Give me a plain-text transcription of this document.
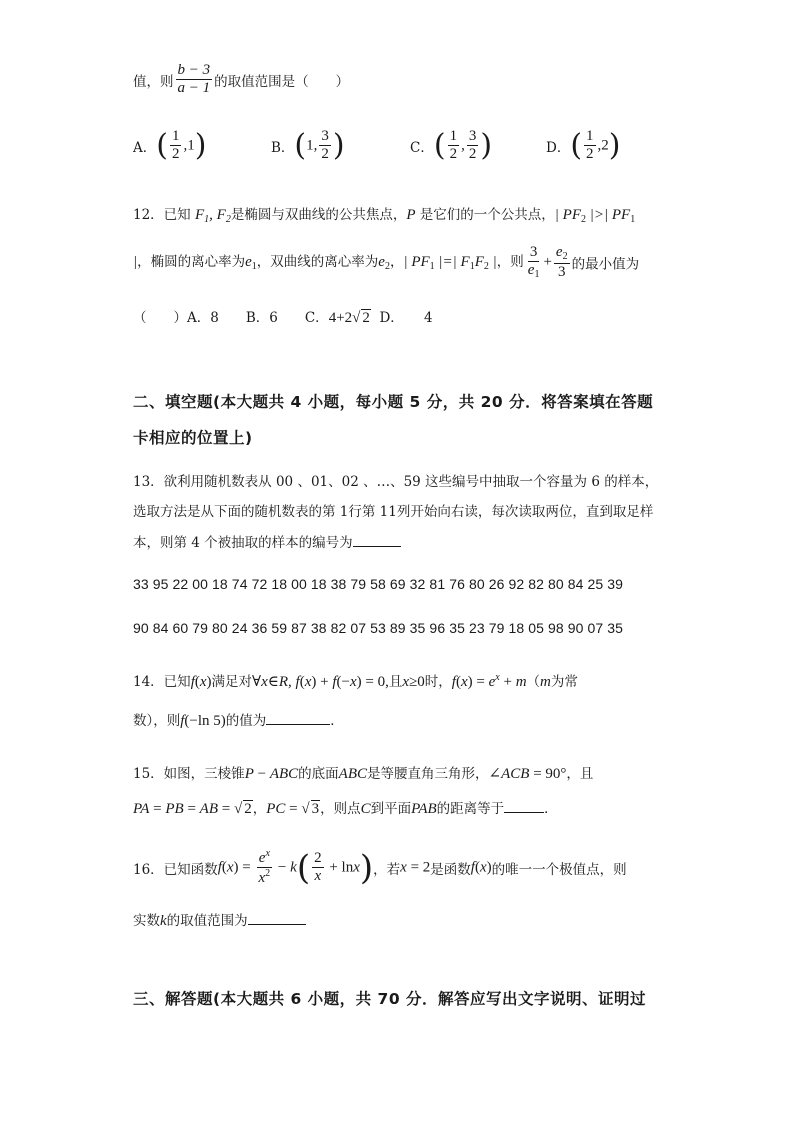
值，则 $\frac{b - 3}{a - 1}$ 的取值范围是（　　）
A．( $\frac{1}{2} ,1$)	B．(1, $\frac{3}{2}$ )	C．( $\frac{1}{2}$ , $\frac{3}{2}$ )	D．( $\frac{1}{2} ,2$)
12．已知 $F_1$, $F_2$是椭圆与双曲线的公共焦点，P 是它们的一个公共点，| $PF_2$ |>| $PF_1$
|，椭圆的离心率为$e_1$，双曲线的离心率为$e_2$，| $PF_1$ |=| $F_1F_2$ |，则 $\frac{3}{e_1} + \frac{e_2}{3}$ 的最小值为
（　　）A．8　　B．6　　C．4+2√ 2 D．　　4
二、填空题(本大题共 4 小题，每小题 5 分，共 20 分．将答案填在答题
卡相应的位置上)
13．欲利用随机数表从 00 、01、02 、…、59 这些编号中抽取一个容量为 6 的样本，
选取方法是从下面的随机数表的第 1行第 11列开始向右读，每次读取两位，直到取足样
本，则第 4 个被抽取的样本的编号为
33 95 22 00 18 74 72 18 00 18 38 79 58 69 32 81 76 80 26 92 82 80 84 25 39
90 84 60 79 80 24 36 59 87 38 82 07 53 89 35 96 35 23 79 18 05 98 90 07 35
14．已知f(x)满足对∀x∈R, f(x) + f(−x) = 0,且x≥0时，$f(x) = e^x + m(m$为常
数），则f(−ln 5)的值为	．
15．如图，三棱锥P − ABC的底面ABC是等腰直角三角形，∠ACB = 90°，且
PA = PB = AB = √ 2，PC = √ 3，则点C到平面PAB的距离等于	．
16．已知函数$f(x) = \frac{e^x}{x^2} - k( \frac{2}{x} + \ln x)$，若x = 2是函数f(x)的唯一一个极值点，则
实数k的取值范围为
三、解答题(本大题共 6 小题，共 70 分．解答应写出文字说明、证明过
